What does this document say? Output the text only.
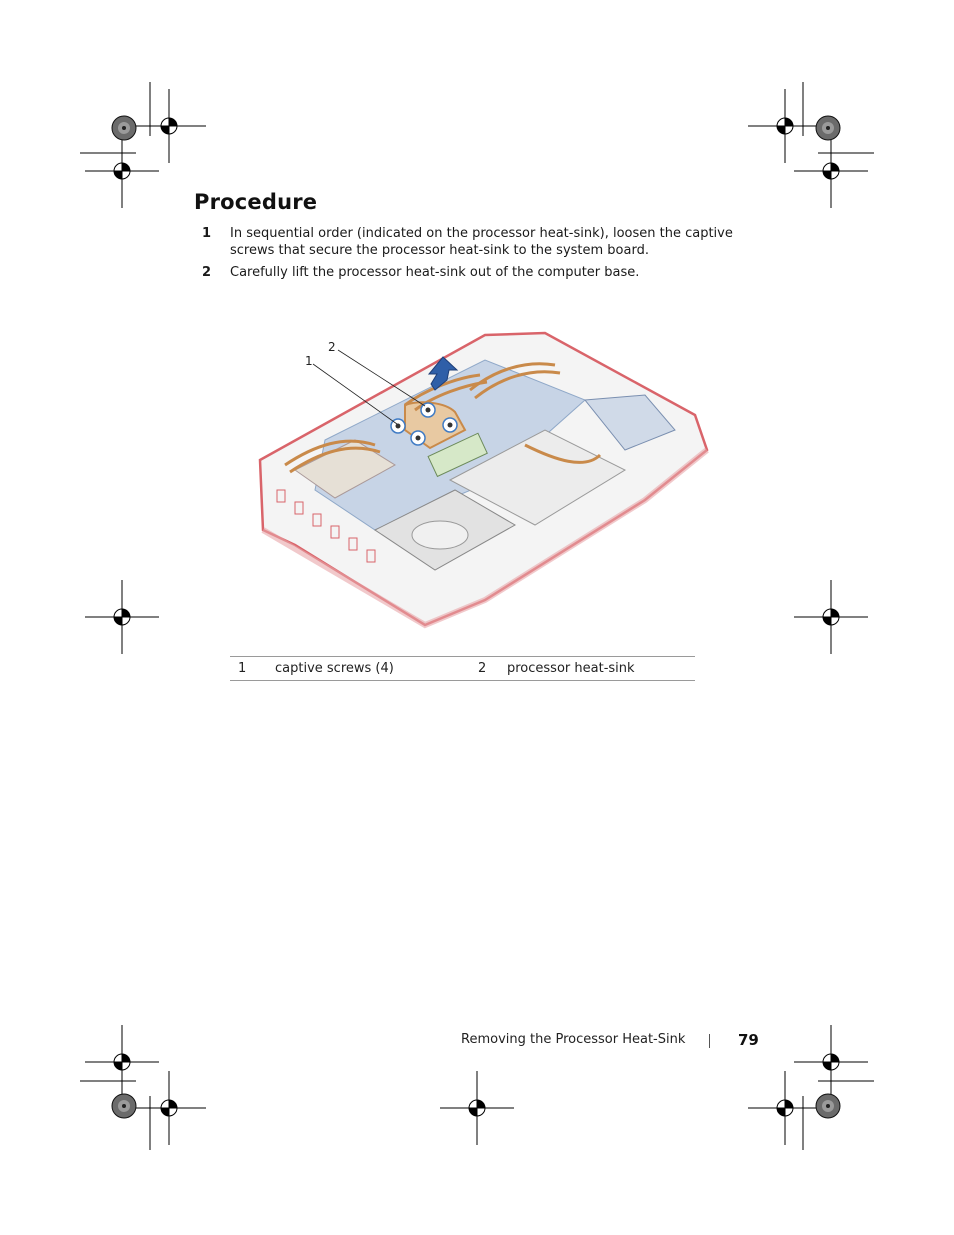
Procedure
1	In sequential order (indicated on the processor heat-sink), loosen the captive screws that secure the processor heat-sink to the system board.
2	Carefully lift the processor heat-sink out of the computer base.
2
1
1	captive screws (4)	2	processor heat-sink
Removing the Processor Heat-Sink	79
